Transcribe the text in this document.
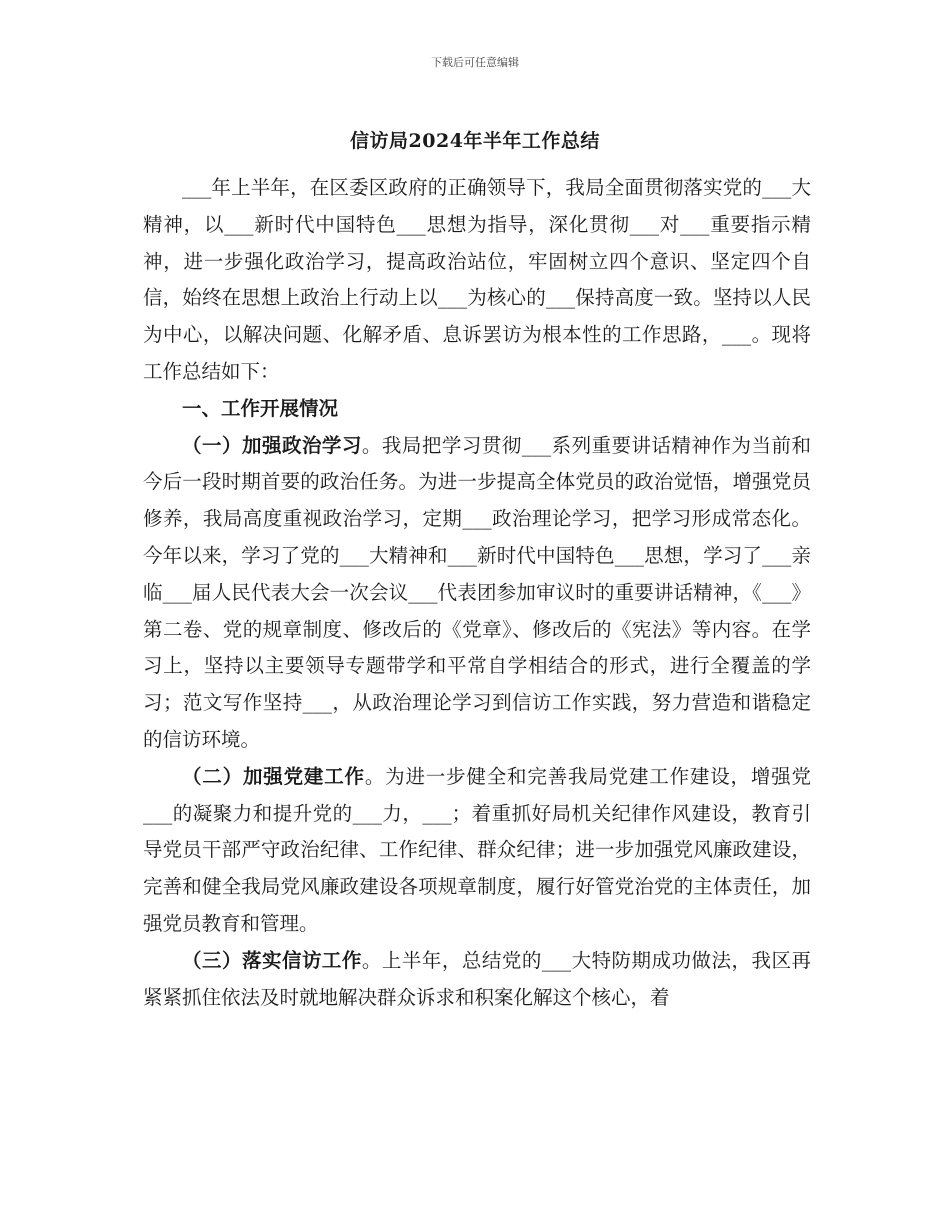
下载后可任意编辑
信访局2024年半年工作总结

___年上半年，在区委区政府的正确领导下，我局全面贯彻落实党的___大精神，以___新时代中国特色___思想为指导，深化贯彻___对___重要指示精神，进一步强化政治学习，提高政治站位，牢固树立四个意识、坚定四个自信，始终在思想上政治上行动上以___为核心的___保持高度一致。坚持以人民为中心，以解决问题、化解矛盾、息诉罢访为根本性的工作思路，___。现将工作总结如下：

一、工作开展情况

（一）加强政治学习。我局把学习贯彻___系列重要讲话精神作为当前和今后一段时期首要的政治任务。为进一步提高全体党员的政治觉悟，增强党员修养，我局高度重视政治学习，定期___政治理论学习，把学习形成常态化。今年以来，学习了党的___大精神和___新时代中国特色___思想，学习了___亲临___届人民代表大会一次会议___代表团参加审议时的重要讲话精神，《___》第二卷、党的规章制度、修改后的《党章》、修改后的《宪法》等内容。在学习上，坚持以主要领导专题带学和平常自学相结合的形式，进行全覆盖的学习；范文写作坚持___，从政治理论学习到信访工作实践，努力营造和谐稳定的信访环境。

（二）加强党建工作。为进一步健全和完善我局党建工作建设，增强党___的凝聚力和提升党的___力，___；着重抓好局机关纪律作风建设，教育引导党员干部严守政治纪律、工作纪律、群众纪律；进一步加强党风廉政建设，完善和健全我局党风廉政建设各项规章制度，履行好管党治党的主体责任，加强党员教育和管理。

（三）落实信访工作。上半年，总结党的___大特防期成功做法，我区再紧紧抓住依法及时就地解决群众诉求和积案化解这个核心，着
